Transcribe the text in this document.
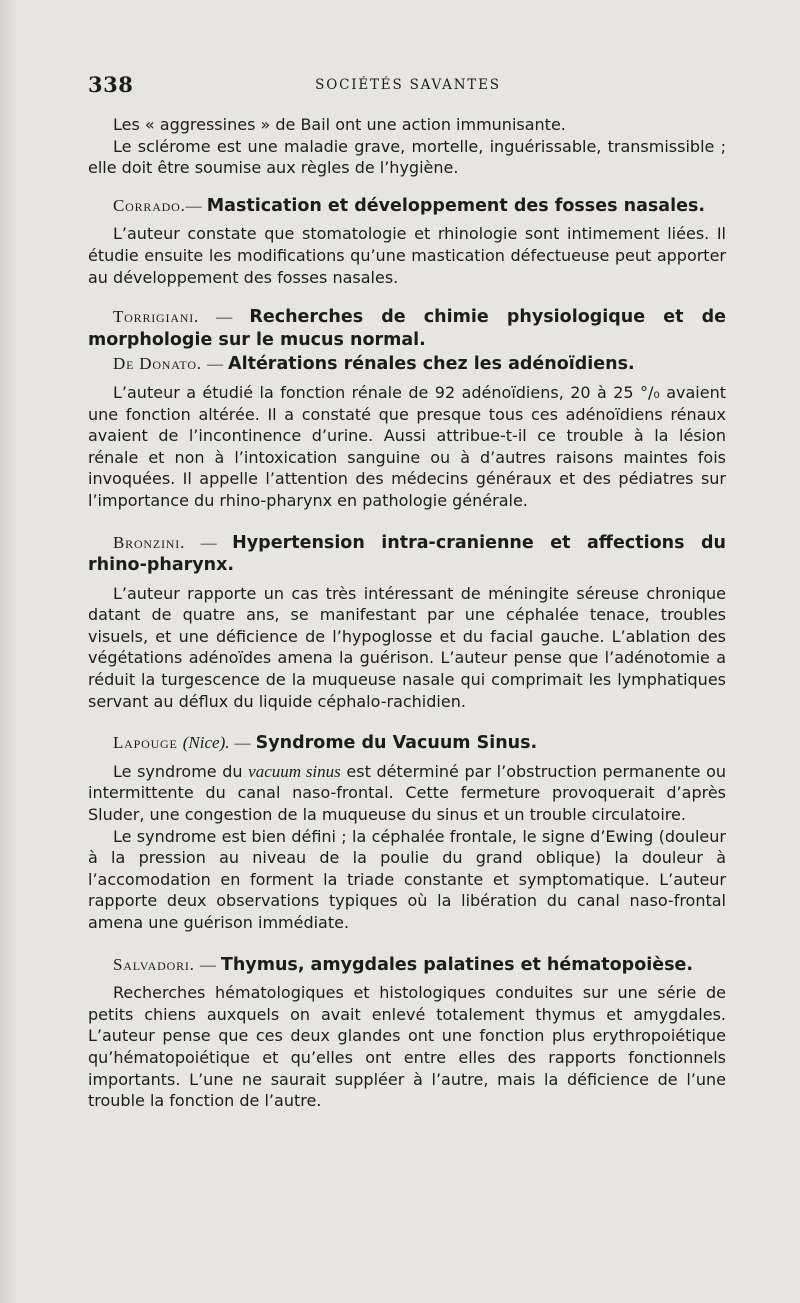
338	SOCIÉTÉS SAVANTES

Les « aggressines » de Bail ont une action immunisante.

Le sclérome est une maladie grave, mortelle, inguérissable, transmissible ; elle doit être soumise aux règles de l’hygiène.

Corrado.— Mastication et développement des fosses nasales.

L’auteur constate que stomatologie et rhinologie sont intimement liées. Il étudie ensuite les modifications qu’une mastication défectueuse peut apporter au développement des fosses nasales.

Torrigiani. — Recherches de chimie physiologique et de morphologie sur le mucus normal.

De Donato. — Altérations rénales chez les adénoïdiens.

L’auteur a étudié la fonction rénale de 92 adénoïdiens, 20 à 25 °/₀ avaient une fonction altérée. Il a constaté que presque tous ces adénoïdiens rénaux avaient de l’incontinence d’urine. Aussi attribue-t-il ce trouble à la lésion rénale et non à l’intoxication sanguine ou à d’autres raisons maintes fois invoquées. Il appelle l’attention des médecins généraux et des pédiatres sur l’importance du rhino-pharynx en pathologie générale.

Bronzini. — Hypertension intra-cranienne et affections du rhino-pharynx.

L’auteur rapporte un cas très intéressant de méningite séreuse chronique datant de quatre ans, se manifestant par une céphalée tenace, troubles visuels, et une déficience de l’hypoglosse et du facial gauche. L’ablation des végétations adénoïdes amena la guérison. L’auteur pense que l’adénotomie a réduit la turgescence de la muqueuse nasale qui comprimait les lymphatiques servant au déflux du liquide céphalo-rachidien.

Lapouge (Nice). — Syndrome du Vacuum Sinus.

Le syndrome du vacuum sinus est déterminé par l’obstruction permanente ou intermittente du canal naso-frontal. Cette fermeture provoquerait d’après Sluder, une congestion de la muqueuse du sinus et un trouble circulatoire.

Le syndrome est bien défini ; la céphalée frontale, le signe d’Ewing (douleur à la pression au niveau de la poulie du grand oblique) la douleur à l’accomodation en forment la triade constante et symptomatique. L’auteur rapporte deux observations typiques où la libération du canal naso-frontal amena une guérison immédiate.

Salvadori. — Thymus, amygdales palatines et hématopoièse.

Recherches hématologiques et histologiques conduites sur une série de petits chiens auxquels on avait enlevé totalement thymus et amygdales. L’auteur pense que ces deux glandes ont une fonction plus erythropoiétique qu’hématopoiétique et qu’elles ont entre elles des rapports fonctionnels importants. L’une ne saurait suppléer à l’autre, mais la déficience de l’une trouble la fonction de l’autre.
